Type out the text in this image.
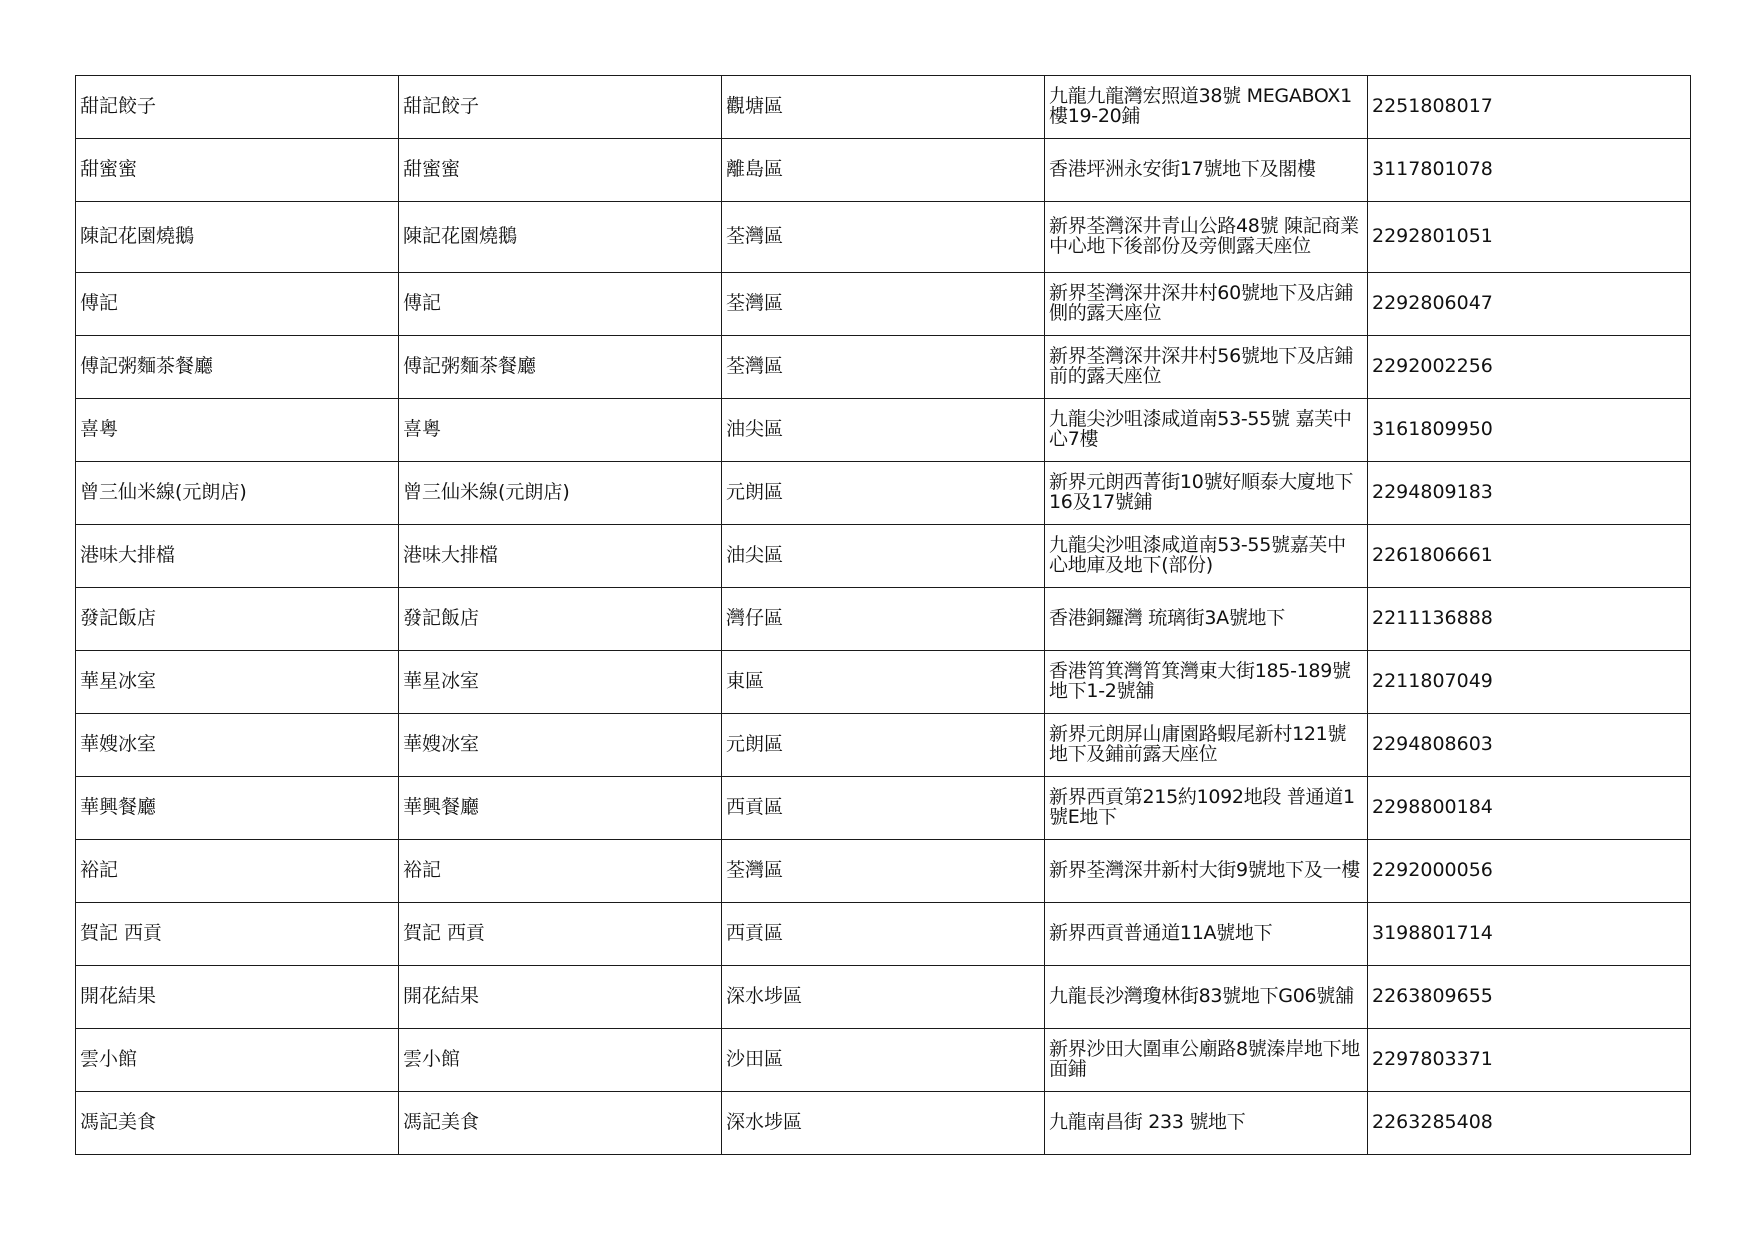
甜記餃子	甜記餃子	觀塘區	九龍九龍灣宏照道38號 MEGABOX1樓19-20鋪	2251808017
甜蜜蜜	甜蜜蜜	離島區	香港坪洲永安街17號地下及閣樓	3117801078
陳記花園燒鵝	陳記花園燒鵝	荃灣區	新界荃灣深井青山公路48號 陳記商業中心地下後部份及旁側露天座位	2292801051
傅記	傅記	荃灣區	新界荃灣深井深井村60號地下及店鋪側的露天座位	2292806047
傅記粥麵茶餐廳	傅記粥麵茶餐廳	荃灣區	新界荃灣深井深井村56號地下及店鋪前的露天座位	2292002256
喜粵	喜粵	油尖區	九龍尖沙咀漆咸道南53-55號 嘉芙中心7樓	3161809950
曾三仙米線(元朗店)	曾三仙米線(元朗店)	元朗區	新界元朗西菁街10號好順泰大廈地下16及17號鋪	2294809183
港味大排檔	港味大排檔	油尖區	九龍尖沙咀漆咸道南53-55號嘉芙中心地庫及地下(部份)	2261806661
發記飯店	發記飯店	灣仔區	香港銅鑼灣 琉璃街3A號地下	2211136888
華星冰室	華星冰室	東區	香港筲箕灣筲箕灣東大街185-189號地下1-2號舖	2211807049
華嫂冰室	華嫂冰室	元朗區	新界元朗屏山庸園路蝦尾新村121號地下及鋪前露天座位	2294808603
華興餐廳	華興餐廳	西貢區	新界西貢第215約1092地段 普通道1號E地下	2298800184
裕記	裕記	荃灣區	新界荃灣深井新村大街9號地下及一樓	2292000056
賀記 西貢	賀記 西貢	西貢區	新界西貢普通道11A號地下	3198801714
開花結果	開花結果	深水埗區	九龍長沙灣瓊林街83號地下G06號舖	2263809655
雲小館	雲小館	沙田區	新界沙田大圍車公廟路8號溱岸地下地面鋪	2297803371
馮記美食	馮記美食	深水埗區	九龍南昌街 233 號地下	2263285408
